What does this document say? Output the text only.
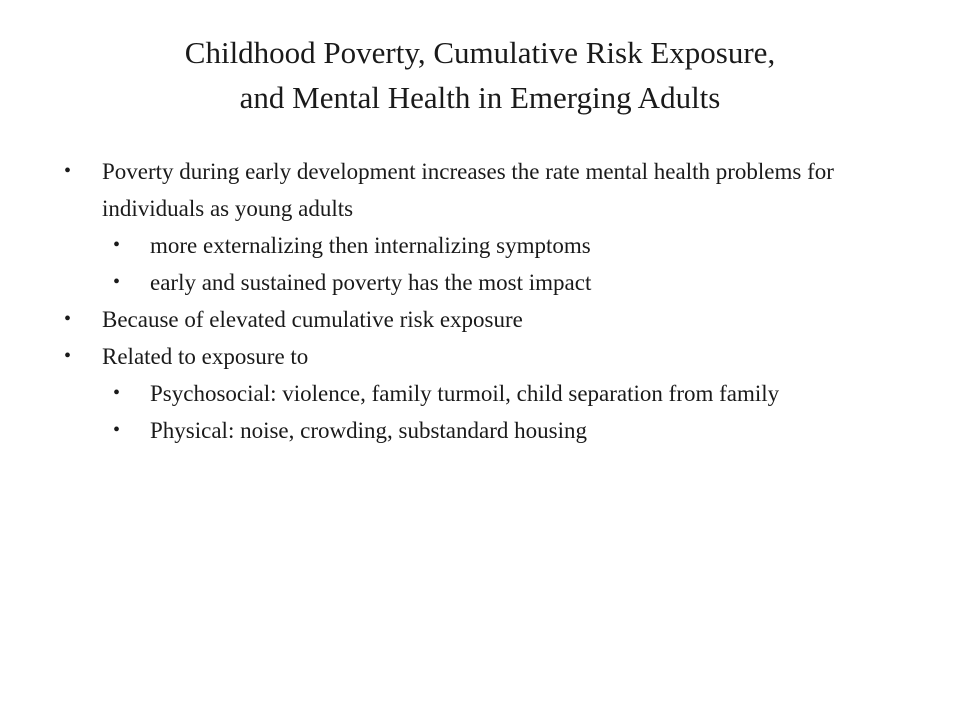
Childhood Poverty, Cumulative Risk Exposure,
and Mental Health in Emerging Adults
• Poverty during early development increases the rate mental health problems for individuals as young adults
• more externalizing then internalizing symptoms
• early and sustained poverty has the most impact
• Because of elevated cumulative risk exposure
• Related to exposure to
• Psychosocial: violence, family turmoil, child separation from family
• Physical: noise, crowding, substandard housing
